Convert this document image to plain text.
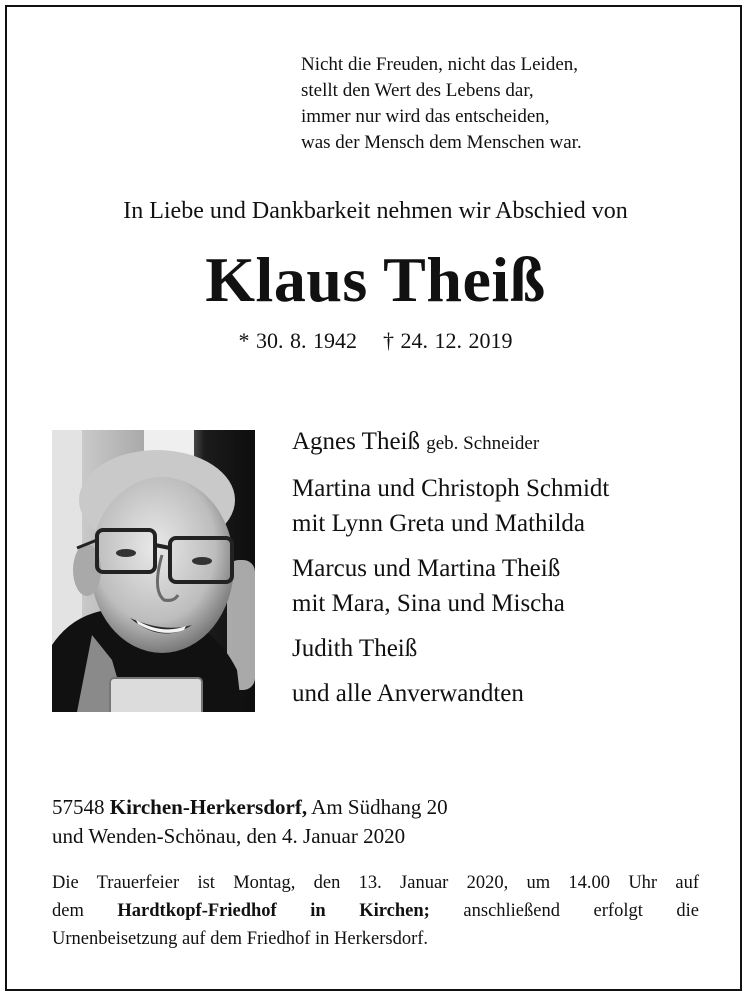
Nicht die Freuden, nicht das Leiden,
stellt den Wert des Lebens dar,
immer nur wird das entscheiden,
was der Mensch dem Menschen war.
In Liebe und Dankbarkeit nehmen wir Abschied von
Klaus Theiß
* 30. 8. 1942 † 24. 12. 2019
Agnes Theiß geb. Schneider
Martina und Christoph Schmidt
mit Lynn Greta und Mathilda
Marcus und Martina Theiß
mit Mara, Sina und Mischa
Judith Theiß
und alle Anverwandten
57548 Kirchen-Herkersdorf, Am Südhang 20
und Wenden-Schönau, den 4. Januar 2020
Die Trauerfeier ist Montag, den 13. Januar 2020, um 14.00 Uhr auf
dem Hardtkopf-Friedhof in Kirchen; anschließend erfolgt die
Urnenbeisetzung auf dem Friedhof in Herkersdorf.
